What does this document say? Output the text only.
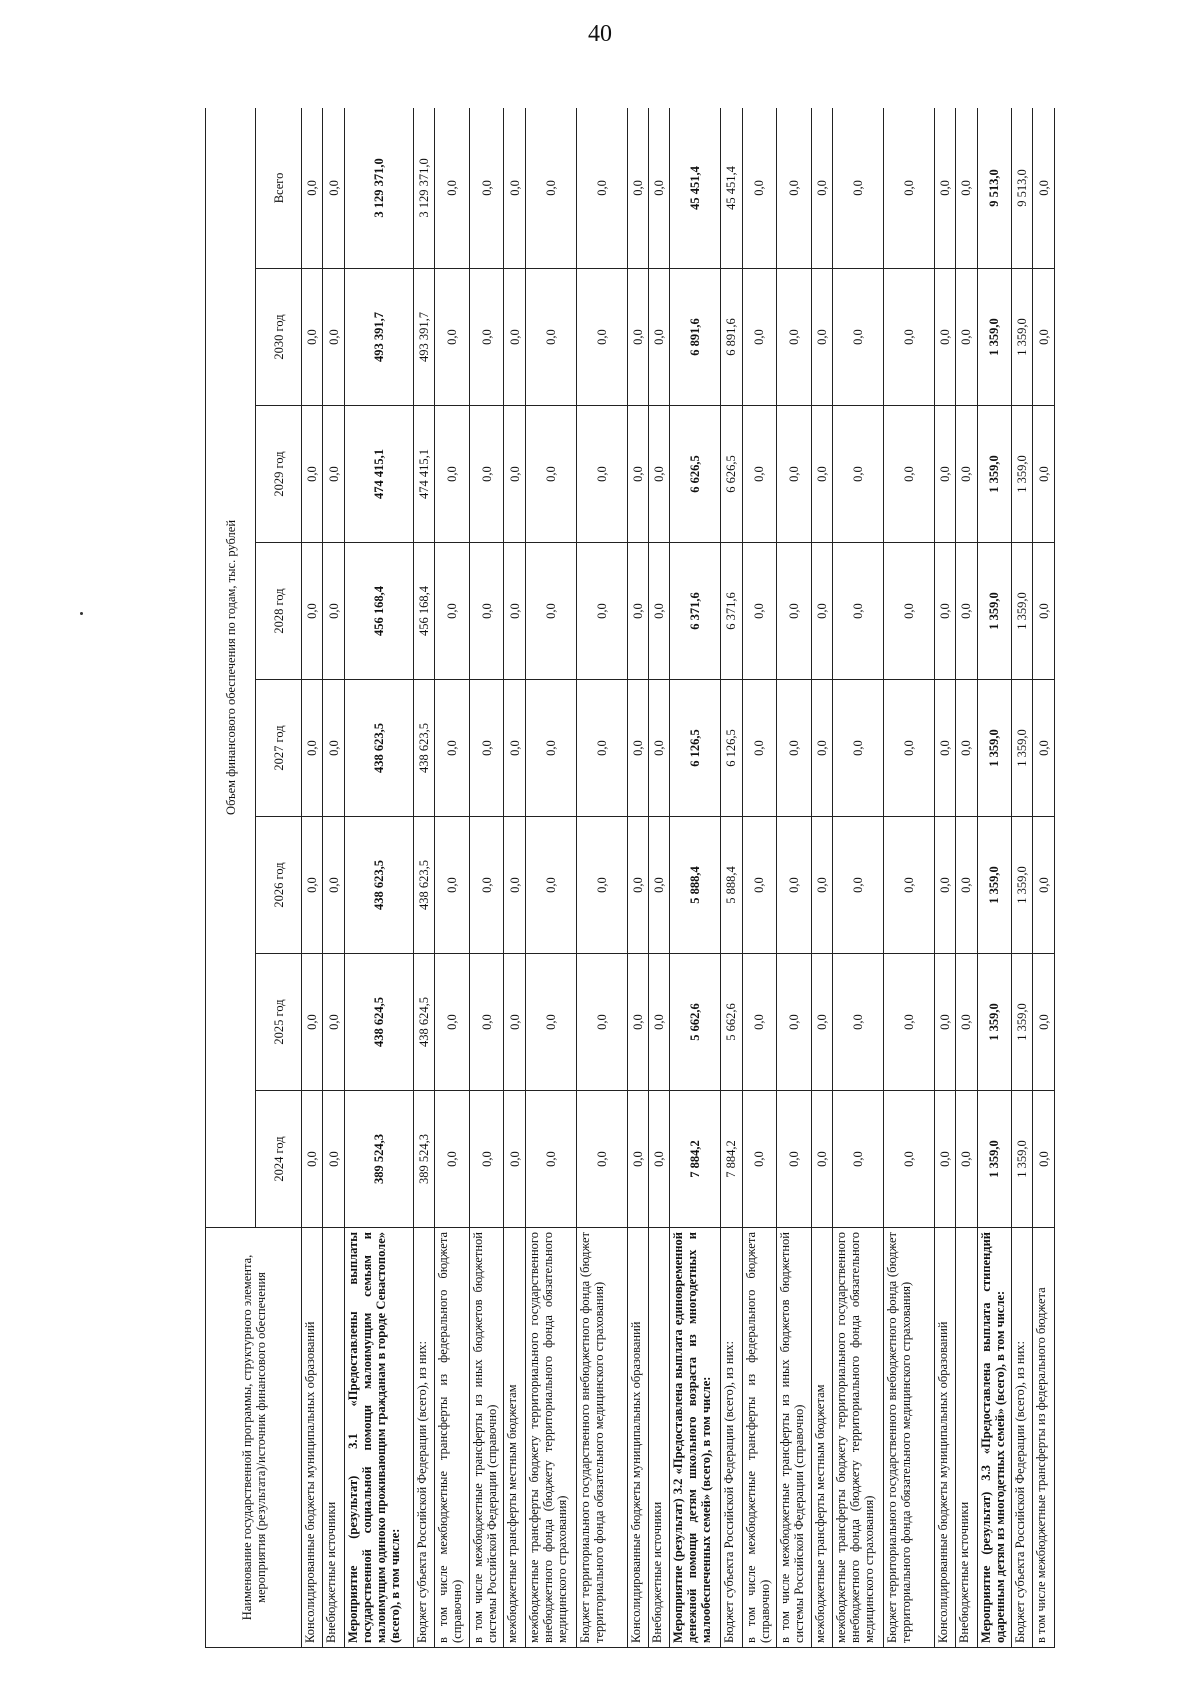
40
Наименование государственной программы, структурного элемента, мероприятия (результата)/источник финансового обеспечения	Объем финансового обеспечения по годам, тыс. рублей							
	2024 год	2025 год	2026 год	2027 год	2028 год	2029 год	2030 год	Всего
Консолидированные бюджеты муниципальных образований	0,0	0,0	0,0	0,0	0,0	0,0	0,0	0,0
Внебюджетные источники	0,0	0,0	0,0	0,0	0,0	0,0	0,0	0,0
Мероприятие (результат) 3.1 «Предоставлены выплаты государственной социальной помощи малоимущим семьям и малоимущим одиноко проживающим гражданам в городе Севастополе» (всего), в том числе:	389 524,3	438 624,5	438 623,5	438 623,5	456 168,4	474 415,1	493 391,7	3 129 371,0
Бюджет субъекта Российской Федерации (всего), из них:	389 524,3	438 624,5	438 623,5	438 623,5	456 168,4	474 415,1	493 391,7	3 129 371,0
в том числе межбюджетные трансферты из федерального бюджета (справочно)	0,0	0,0	0,0	0,0	0,0	0,0	0,0	0,0
в том числе межбюджетные трансферты из иных бюджетов бюджетной системы Российской Федерации (справочно)	0,0	0,0	0,0	0,0	0,0	0,0	0,0	0,0
межбюджетные трансферты местным бюджетам	0,0	0,0	0,0	0,0	0,0	0,0	0,0	0,0
межбюджетные трансферты бюджету территориального государственного внебюджетного фонда (бюджету территориального фонда обязательного медицинского страхования)	0,0	0,0	0,0	0,0	0,0	0,0	0,0	0,0
Бюджет территориального государственного внебюджетного фонда (бюджет территориального фонда обязательного медицинского страхования)	0,0	0,0	0,0	0,0	0,0	0,0	0,0	0,0
Консолидированные бюджеты муниципальных образований	0,0	0,0	0,0	0,0	0,0	0,0	0,0	0,0
Внебюджетные источники	0,0	0,0	0,0	0,0	0,0	0,0	0,0	0,0
Мероприятие (результат) 3.2 «Предоставлена выплата единовременной денежной помощи детям школьного возраста из многодетных и малообеспеченных семей» (всего), в том числе:	7 884,2	5 662,6	5 888,4	6 126,5	6 371,6	6 626,5	6 891,6	45 451,4
Бюджет субъекта Российской Федерации (всего), из них:	7 884,2	5 662,6	5 888,4	6 126,5	6 371,6	6 626,5	6 891,6	45 451,4
в том числе межбюджетные трансферты из федерального бюджета (справочно)	0,0	0,0	0,0	0,0	0,0	0,0	0,0	0,0
в том числе межбюджетные трансферты из иных бюджетов бюджетной системы Российской Федерации (справочно)	0,0	0,0	0,0	0,0	0,0	0,0	0,0	0,0
межбюджетные трансферты местным бюджетам	0,0	0,0	0,0	0,0	0,0	0,0	0,0	0,0
межбюджетные трансферты бюджету территориального государственного внебюджетного фонда (бюджету территориального фонда обязательного медицинского страхования)	0,0	0,0	0,0	0,0	0,0	0,0	0,0	0,0
Бюджет территориального государственного внебюджетного фонда (бюджет территориального фонда обязательного медицинского страхования)	0,0	0,0	0,0	0,0	0,0	0,0	0,0	0,0
Консолидированные бюджеты муниципальных образований	0,0	0,0	0,0	0,0	0,0	0,0	0,0	0,0
Внебюджетные источники	0,0	0,0	0,0	0,0	0,0	0,0	0,0	0,0
Мероприятие (результат) 3.3 «Предоставлена выплата стипендий одаренным детям из многодетных семей» (всего), в том числе:	1 359,0	1 359,0	1 359,0	1 359,0	1 359,0	1 359,0	1 359,0	9 513,0
Бюджет субъекта Российской Федерации (всего), из них:	1 359,0	1 359,0	1 359,0	1 359,0	1 359,0	1 359,0	1 359,0	9 513,0
в том числе межбюджетные трансферты из федерального бюджета	0,0	0,0	0,0	0,0	0,0	0,0	0,0	0,0
